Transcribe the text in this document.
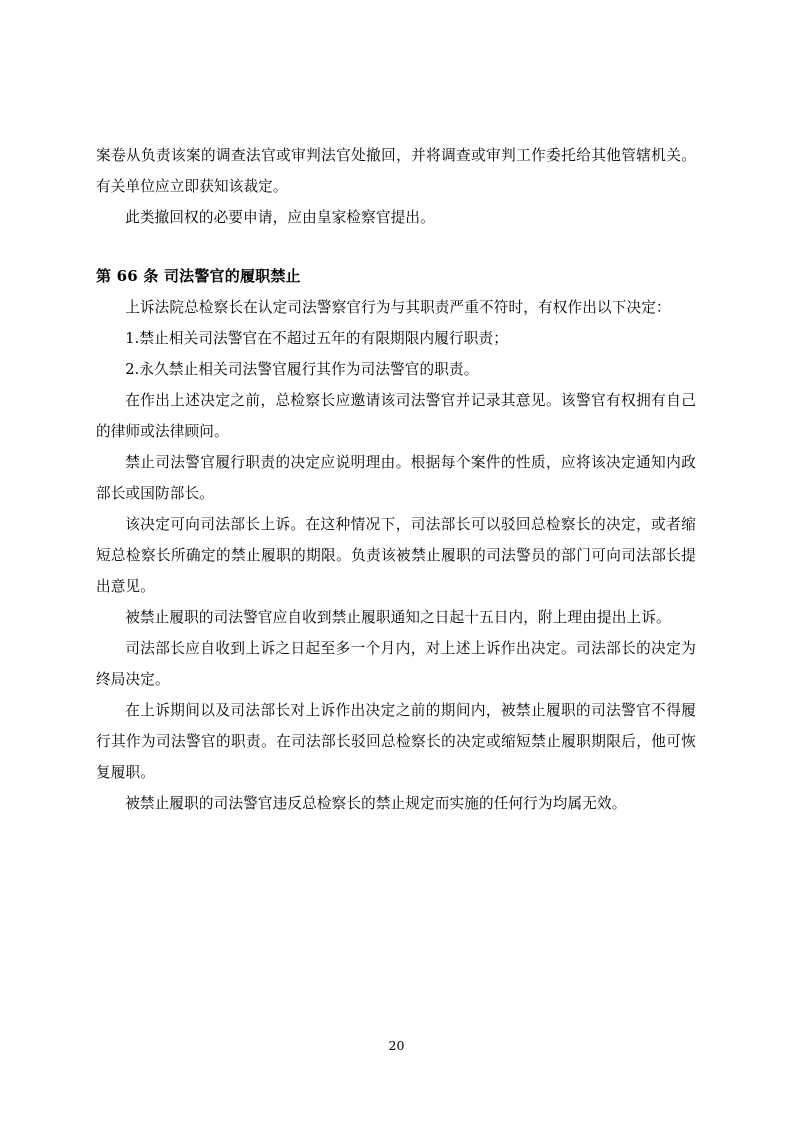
案卷从负责该案的调查法官或审判法官处撤回，并将调查或审判工作委托给其他管辖机关。有关单位应立即获知该裁定。

此类撤回权的必要申请，应由皇家检察官提出。

第 66 条 司法警官的履职禁止

上诉法院总检察长在认定司法警察官行为与其职责严重不符时，有权作出以下决定：

1.禁止相关司法警官在不超过五年的有限期限内履行职责；

2.永久禁止相关司法警官履行其作为司法警官的职责。

在作出上述决定之前，总检察长应邀请该司法警官并记录其意见。该警官有权拥有自己的律师或法律顾问。

禁止司法警官履行职责的决定应说明理由。根据每个案件的性质，应将该决定通知内政部长或国防部长。

该决定可向司法部长上诉。在这种情况下，司法部长可以驳回总检察长的决定，或者缩短总检察长所确定的禁止履职的期限。负责该被禁止履职的司法警员的部门可向司法部长提出意见。

被禁止履职的司法警官应自收到禁止履职通知之日起十五日内，附上理由提出上诉。

司法部长应自收到上诉之日起至多一个月内，对上述上诉作出决定。司法部长的决定为终局决定。

在上诉期间以及司法部长对上诉作出决定之前的期间内，被禁止履职的司法警官不得履行其作为司法警官的职责。在司法部长驳回总检察长的决定或缩短禁止履职期限后，他可恢复履职。

被禁止履职的司法警官违反总检察长的禁止规定而实施的任何行为均属无效。

20
